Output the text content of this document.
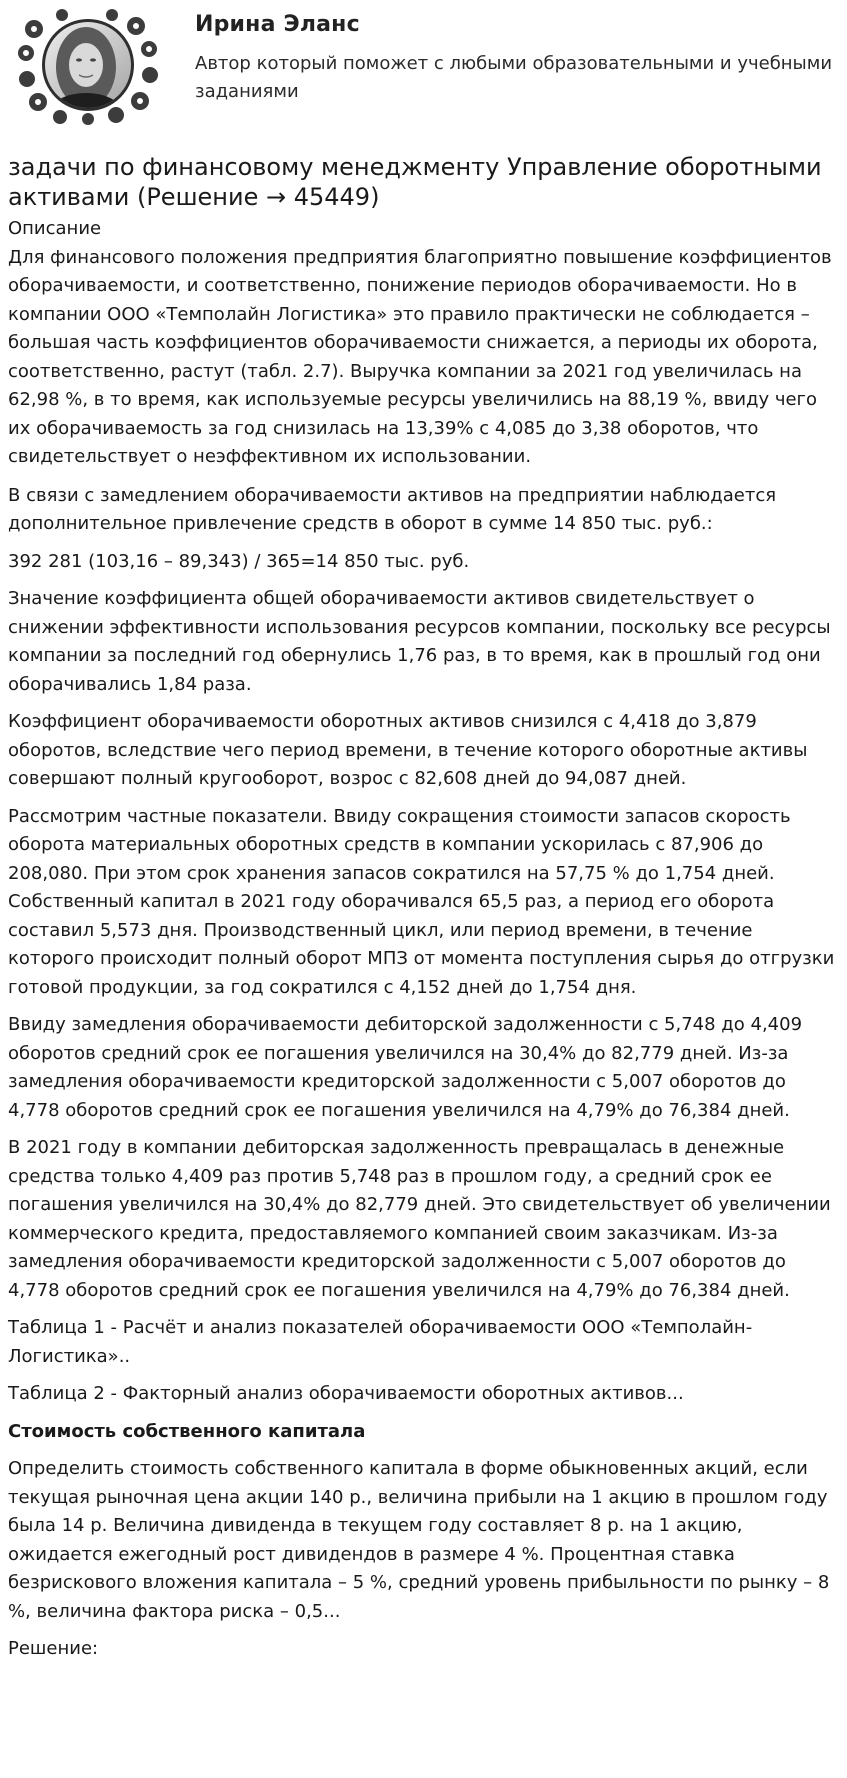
Ирина Эланс
Автор который поможет с любыми образовательными и учебными заданиями
задачи по финансовому менеджменту Управление оборотными активами (Решение → 45449)
Описание

Для финансового положения предприятия благоприятно повышение коэффициентов оборачиваемости, и соответственно, понижение периодов оборачиваемости. Но в компании ООО «Темполайн Логистика» это правило практически не соблюдается – большая часть коэффициентов оборачиваемости снижается, а периоды их оборота, соответственно, растут (табл. 2.7). Выручка компании за 2021 год увеличилась на 62,98 %, в то время, как используемые ресурсы увеличились на 88,19 %, ввиду чего их оборачиваемость за год снизилась на 13,39% с 4,085 до 3,38 оборотов, что свидетельствует о неэффективном их использовании.

В связи с замедлением оборачиваемости активов на предприятии наблюдается дополнительное привлечение средств в оборот в сумме 14 850 тыс. руб.:

392 281 (103,16 – 89,343) / 365=14 850 тыс. руб.

Значение коэффициента общей оборачиваемости активов свидетельствует о снижении эффективности использования ресурсов компании, поскольку все ресурсы компании за последний год обернулись 1,76 раз, в то время, как в прошлый год они оборачивались 1,84 раза.

Коэффициент оборачиваемости оборотных активов снизился с 4,418 до 3,879 оборотов, вследствие чего период времени, в течение которого оборотные активы совершают полный кругооборот, возрос с 82,608 дней до 94,087 дней.

Рассмотрим частные показатели. Ввиду сокращения стоимости запасов скорость оборота материальных оборотных средств в компании ускорилась с 87,906 до 208,080. При этом срок хранения запасов сократился на 57,75 % до 1,754 дней. Собственный капитал в 2021 году оборачивался 65,5 раз, а период его оборота составил 5,573 дня. Производственный цикл, или период времени, в течение которого происходит полный оборот МПЗ от момента поступления сырья до отгрузки готовой продукции, за год сократился с 4,152 дней до 1,754 дня.

Ввиду замедления оборачиваемости дебиторской задолженности с 5,748 до 4,409 оборотов средний срок ее погашения увеличился на 30,4% до 82,779 дней. Из-за замедления оборачиваемости кредиторской задолженности с 5,007 оборотов до 4,778 оборотов средний срок ее погашения увеличился на 4,79% до 76,384 дней.

В 2021 году в компании дебиторская задолженность превращалась в денежные средства только 4,409 раз против 5,748 раз в прошлом году, а средний срок ее погашения увеличился на 30,4% до 82,779 дней. Это свидетельствует об увеличении коммерческого кредита, предоставляемого компанией своим заказчикам. Из-за замедления оборачиваемости кредиторской задолженности с 5,007 оборотов до 4,778 оборотов средний срок ее погашения увеличился на 4,79% до 76,384 дней.

Таблица 1 - Расчёт и анализ показателей оборачиваемости ООО «Темполайн-Логистика»..

Таблица 2 - Факторный анализ оборачиваемости оборотных активов...

Стоимость собственного капитала

Определить стоимость собственного капитала в форме обыкновенных акций, если текущая рыночная цена акции 140 р., величина прибыли на 1 акцию в прошлом году была 14 р. Величина дивиденда в текущем году составляет 8 р. на 1 акцию, ожидается ежегодный рост дивидендов в размере 4 %. Процентная ставка безрискового вложения капитала – 5 %, средний уровень прибыльности по рынку – 8 %, величина фактора риска – 0,5...

Решение:
